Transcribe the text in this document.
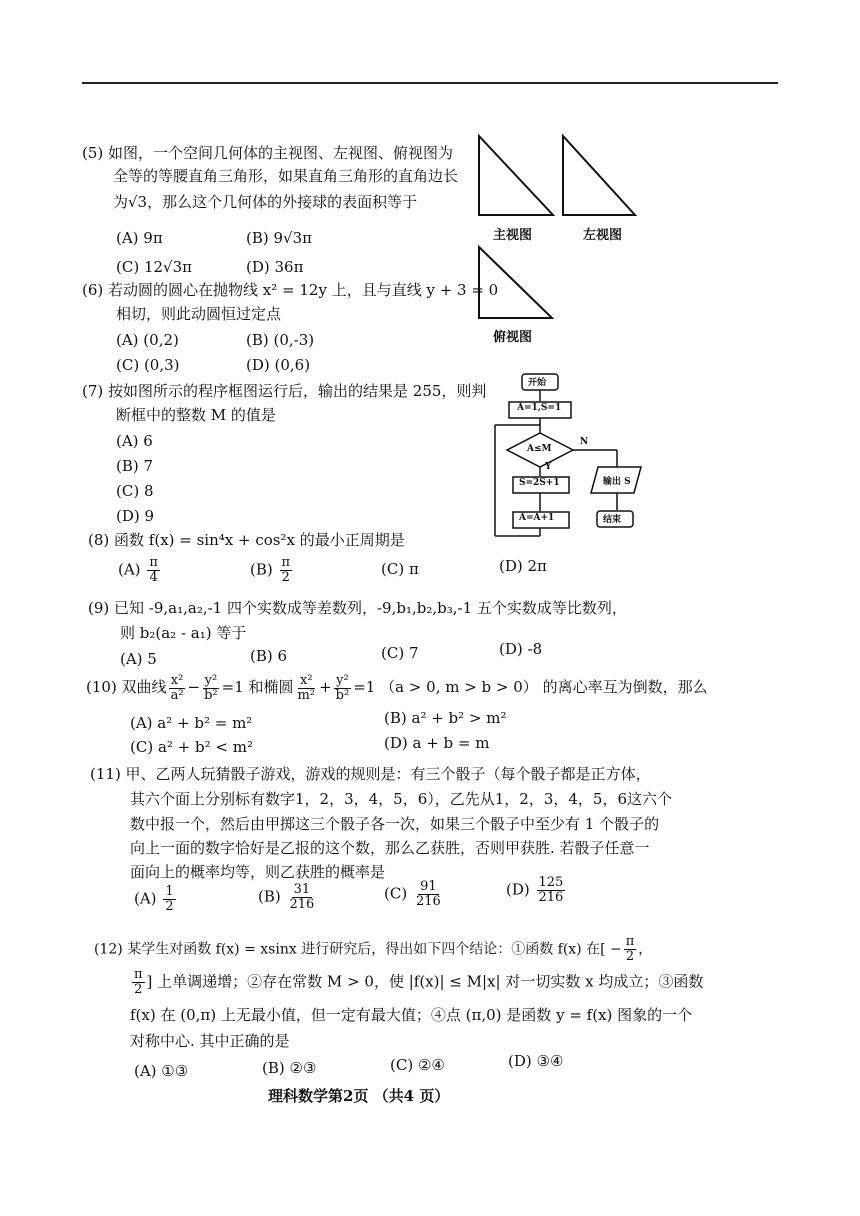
主视图	左视图
俯视图
开始
A=1,S=1
A≤M
Y
N
S=2S+1
A=A+1
输出 S
结束
(5) 如图，一个空间几何体的主视图、左视图、俯视图为
全等的等腰直角三角形，如果直角三角形的直角边长
为√3，那么这个几何体的外接球的表面积等于
(A) 9π	(B) 9√3π
(C) 12√3π	(D) 36π
(6) 若动圆的圆心在抛物线 x² = 12y 上，且与直线 y + 3 = 0
相切，则此动圆恒过定点
(A) (0,2)	(B) (0,-3)
(C) (0,3)	(D) (0,6)
(7) 按如图所示的程序框图运行后，输出的结果是 255，则判
断框中的整数 M 的值是
(A) 6
(B) 7
(C) 8
(D) 9
(8) 函数 f(x) = sin⁴x + cos²x 的最小正周期是
$(A) \frac{\pi}{4}$	$(B) \frac{\pi}{2}$	(C) π	(D) 2π
(9) 已知 -9,a₁,a₂,-1 四个实数成等差数列，-9,b₁,b₂,b₃,-1 五个实数成等比数列，
则 b₂(a₂ - a₁) 等于
(A) 5	(B) 6	(C) 7	(D) -8
(10) 双曲线 $\frac{\text{x²}}{\text{a²}} - \frac{\text{y²}}{\text{b²}} =1$ 和椭圆 $\frac{\text{x²}}{\text{m²}} + \frac{\text{y²}}{\text{b²}} =1$ （a > 0, m > b > 0） 的离心率互为倒数，那么
(A) a² + b² = m²	(B) a² + b² > m²
(C) a² + b² < m²	(D) a + b = m
(11) 甲、乙两人玩猜骰子游戏，游戏的规则是：有三个骰子（每个骰子都是正方体，
其六个面上分别标有数字1，2，3，4，5，6），乙先从1，2，3，4，5，6这六个
数中报一个，然后由甲掷这三个骰子各一次，如果三个骰子中至少有 1 个骰子的
向上一面的数字恰好是乙报的这个数，那么乙获胜，否则甲获胜. 若骰子任意一
面向上的概率均等，则乙获胜的概率是
$(A) \frac{1}{2}$	$(B) \frac{31}{216}$	$(C) \frac{91}{216}$	$(D) \frac{125}{216}$
(12) 某学生对函数 f(x) = xsinx 进行研究后，得出如下四个结论：①函数 f(x) 在[ − $\frac{\pi}{2}$ ，
$\frac{\pi}{2}$ ] 上单调递增；②存在常数 M > 0，使 |f(x)| ≤ M|x| 对一切实数 x 均成立；③函数
f(x) 在 (0,π) 上无最小值，但一定有最大值；④点 (π,0) 是函数 y = f(x) 图象的一个
对称中心. 其中正确的是
(A) ①③	(B) ②③	(C) ②④	(D) ③④
理科数学第2页 （共4 页）
